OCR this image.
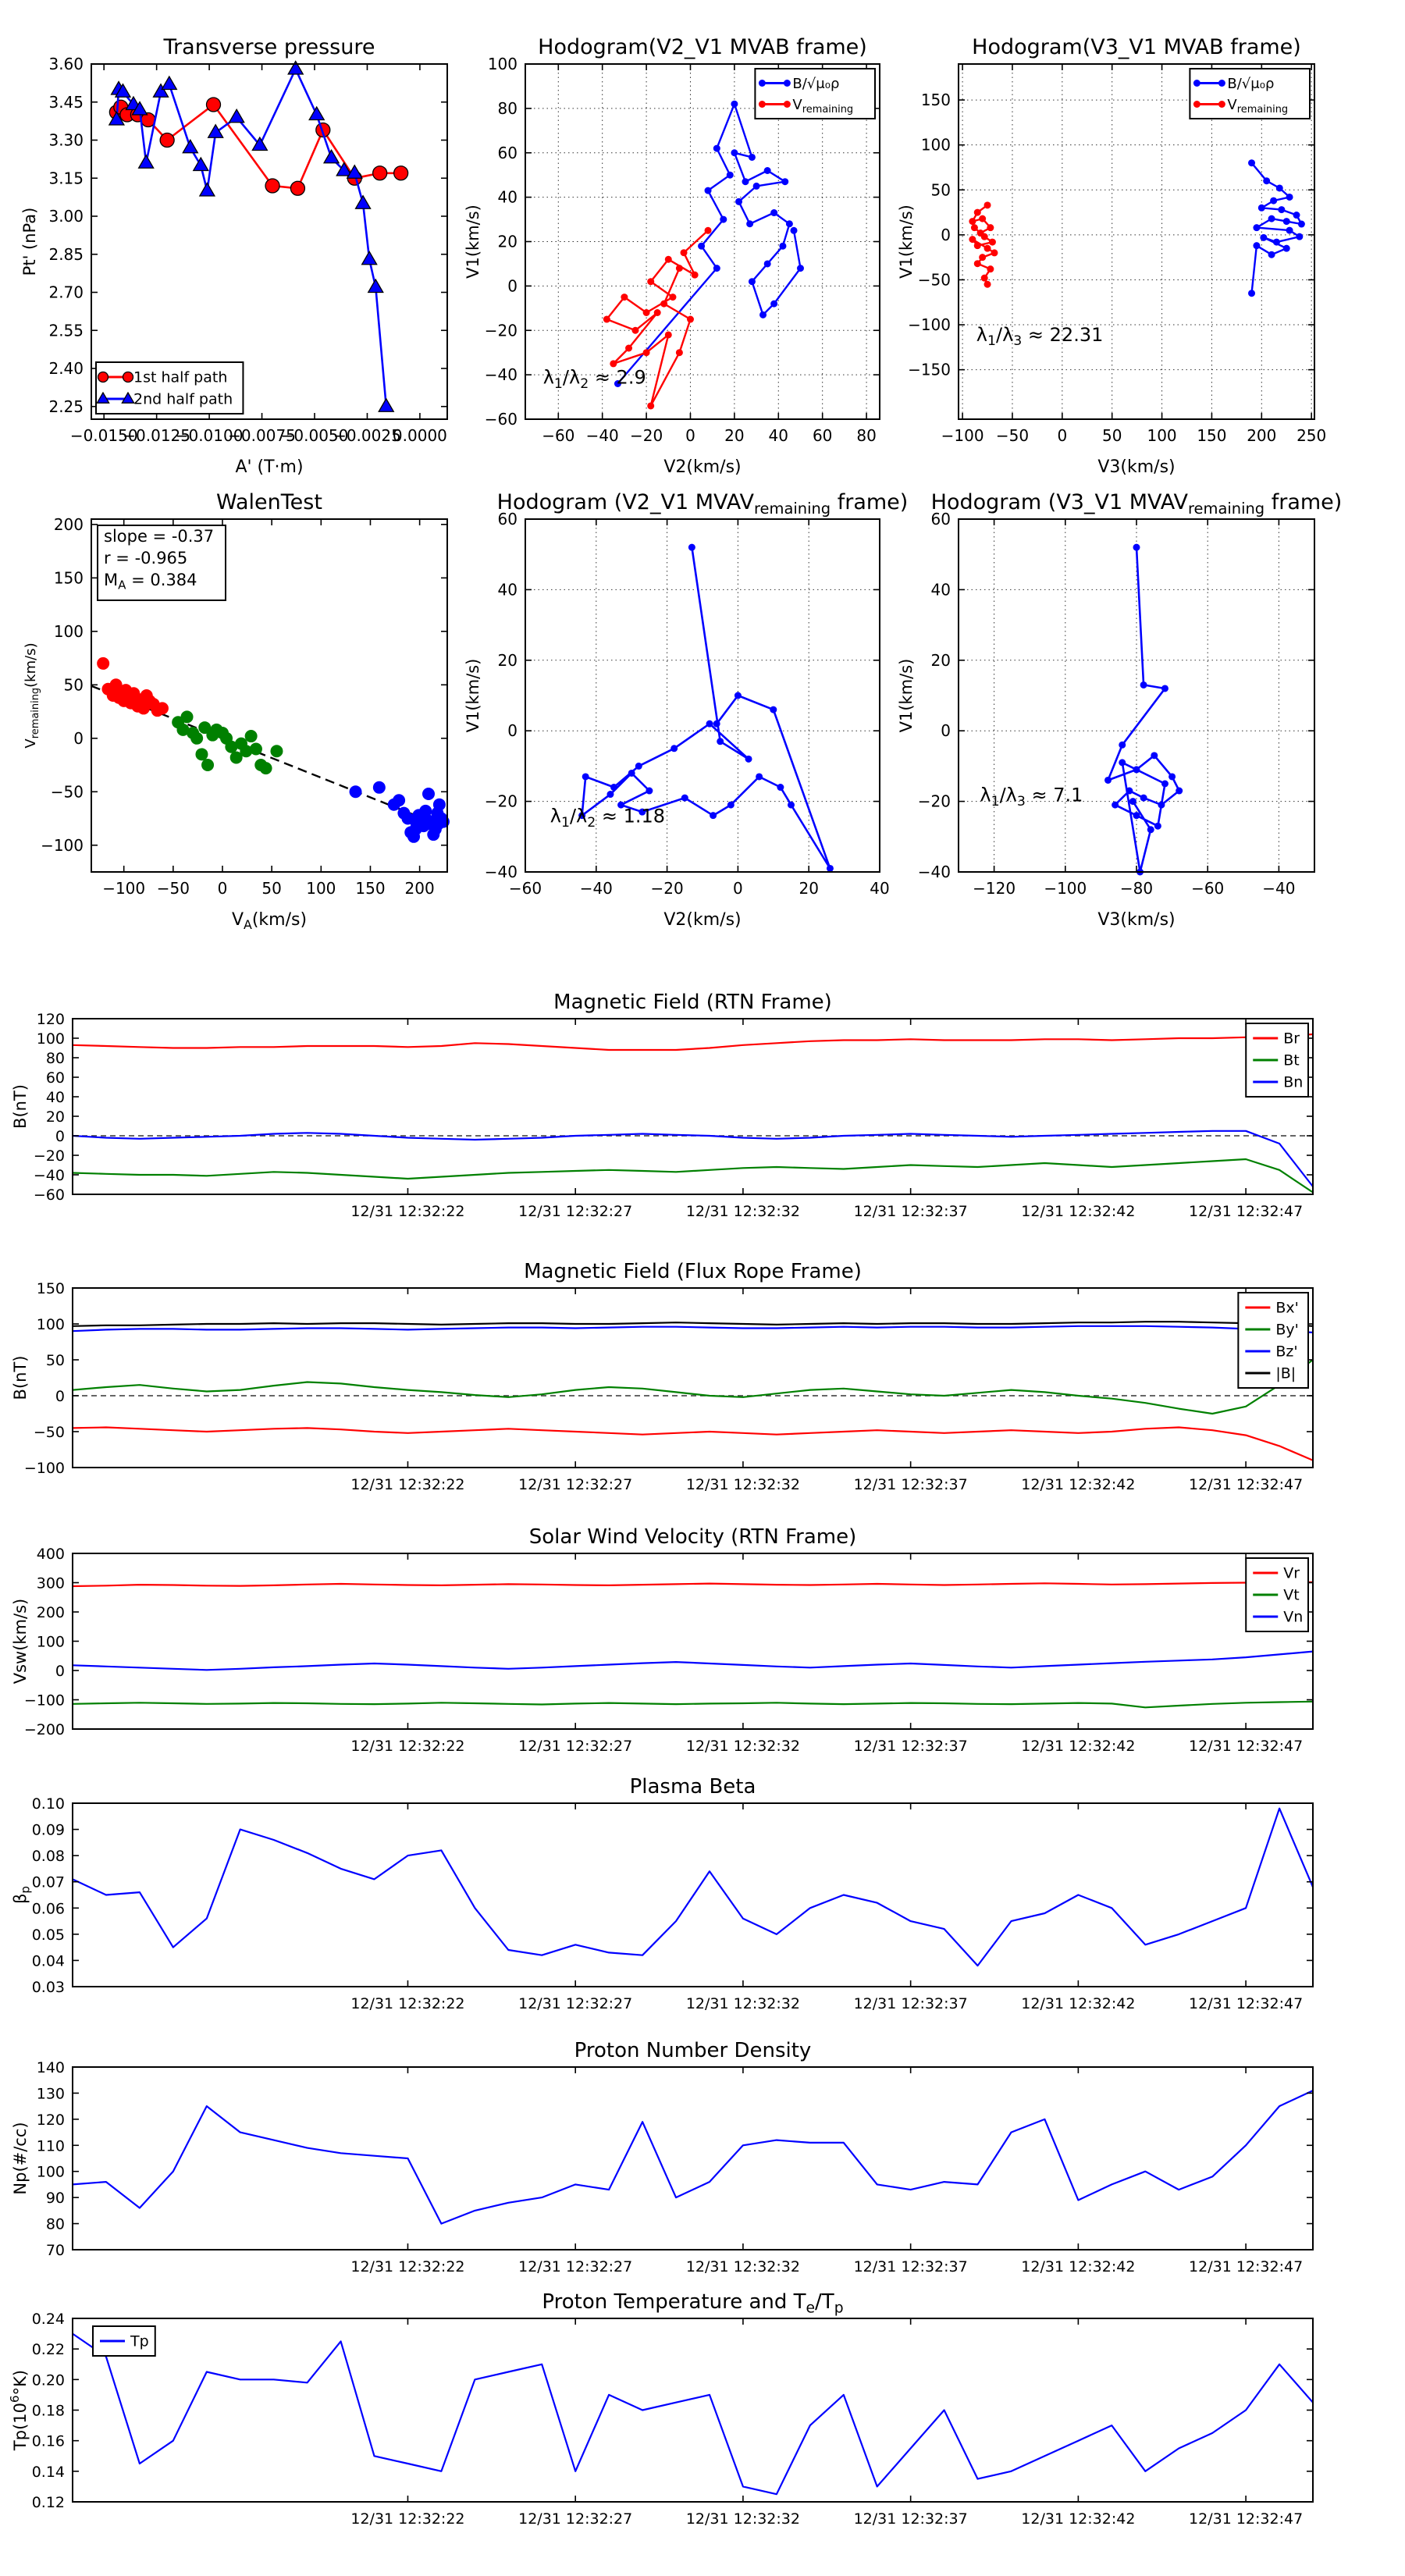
−0.0150
−0.0125
−0.0100
−0.0075
−0.0050
−0.0025
0.0000
2.25
2.40
2.55
2.70
2.85
3.00
3.15
3.30
3.45
3.60
Transverse pressure
A' (T·m)
Pt' (nPa)
1st half path
2nd half path
−60 −40 −20 0 20 40 60 80
−60
−40
−20
0
20
40
60
80
100
Hodogram(V2_V1 MVAB frame)
V2(km/s)
V1(km/s)
$\lambda_1/\lambda_2 \approx 2.9$
B/√μ₀ρ
$V_{remaining}$
−100 −50 0 50 100 150 200 250
−150
−100
−50
0
50
100
150
Hodogram(V3_V1 MVAB frame)
V3(km/s)
V1(km/s)
$\lambda_1/\lambda_3 \approx 22.31$
B/√μ₀ρ
$V_{remaining}$
−100 −50 0 50 100 150 200
−100
−50
0
50
100
150
200
WalenTest
$V_A(km/s)$
$V_{remaining}(km/s)$
slope = -0.37
r = -0.965
$M_A = 0.384$
−60 −40 −20	0	20	40
−40
−20
0
20
40
60
Hodogram (V2_V1 $MVAV_{remaining}$ frame)
V2(km/s)
V1(km/s)
$\lambda_1/\lambda_2 \approx 1.18$
−120 −100 −80 −60 −40
−40
−20
0
20
40
60
Hodogram (V3_V1 $MVAV_{remaining}$ frame)
V3(km/s)
V1(km/s)
$\lambda_1/\lambda_3 \approx 7.1$
12/31 12:32:22	12/31 12:32:27	12/31 12:32:32	12/31 12:32:37	12/31 12:32:42	12/31 12:32:47
−60
−40
−20
0
20
40
60
80
100
120
Magnetic Field (RTN Frame)
B(nT)
Br
Bt
Bn
12/31 12:32:22	12/31 12:32:27	12/31 12:32:32	12/31 12:32:37	12/31 12:32:42	12/31 12:32:47
−100
−50
0
50
100
150
Magnetic Field (Flux Rope Frame)
B(nT)
Bx'
By'
Bz'
|B|
12/31 12:32:22	12/31 12:32:27	12/31 12:32:32	12/31 12:32:37	12/31 12:32:42	12/31 12:32:47
−200
−100
0
100
200
300
400
Solar Wind Velocity (RTN Frame)
Vsw(km/s)
Vr
Vt
Vn
12/31 12:32:22	12/31 12:32:27	12/31 12:32:32	12/31 12:32:37	12/31 12:32:42	12/31 12:32:47
0.03
0.04
0.05
0.06
0.07
0.08
0.09
0.10
Plasma Beta
$\beta_p$
12/31 12:32:22	12/31 12:32:27	12/31 12:32:32	12/31 12:32:37	12/31 12:32:42	12/31 12:32:47
70
80
90
100
110
120
130
140
Proton Number Density
Np(#/cc)
12/31 12:32:22	12/31 12:32:27	12/31 12:32:32	12/31 12:32:37	12/31 12:32:42	12/31 12:32:47
0.12
0.14
0.16
0.18
0.20
0.22
0.24
Proton Temperature and $T_e/T_p$
$Tp(10^6^\circ K)$
Tp
